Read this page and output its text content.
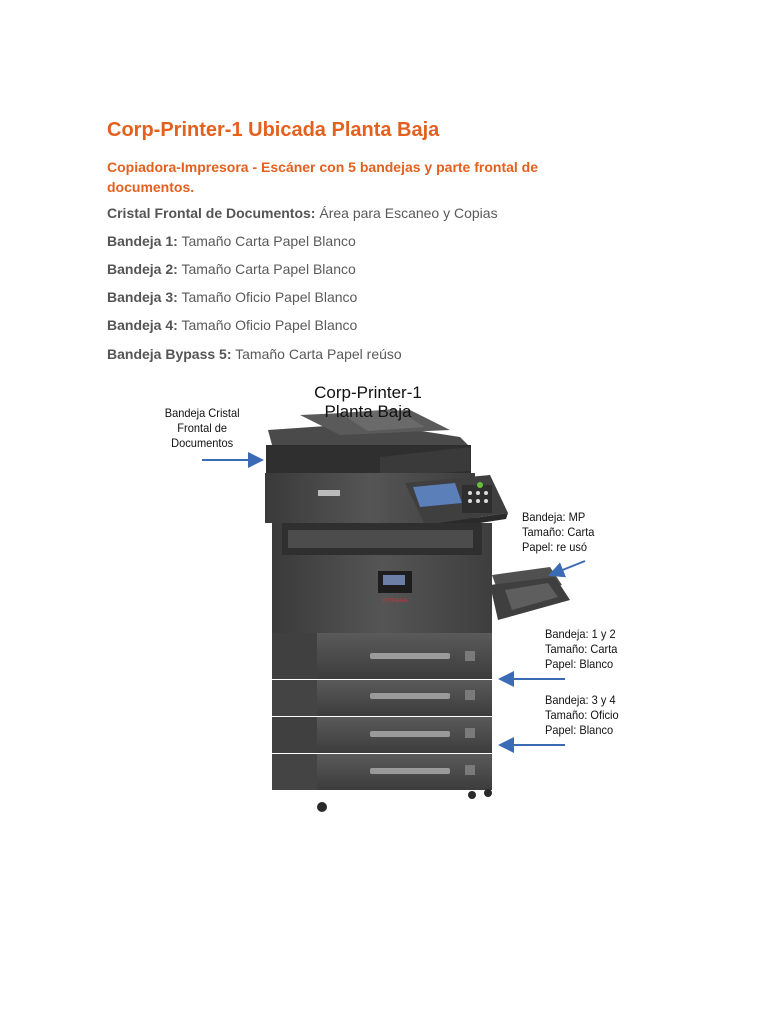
Corp-Printer-1 Ubicada Planta Baja

Copiadora-Impresora - Escáner con 5 bandejas y parte frontal de documentos.

Cristal Frontal de Documentos: Área para Escaneo y Copias

Bandeja 1: Tamaño Carta Papel Blanco

Bandeja 2: Tamaño Carta Papel Blanco

Bandeja 3: Tamaño Oficio Papel Blanco

Bandeja 4: Tamaño Oficio Papel Blanco

Bandeja Bypass 5: Tamaño Carta Papel reúso

KYOCERA
Corp-Printer-1
Planta Baja
Bandeja Cristal
Frontal de
Documentos
Bandeja: MP
Tamaño: Carta
Papel: re usó
Bandeja: 1 y 2
Tamaño: Carta
Papel: Blanco
Bandeja: 3 y 4
Tamaño: Oficio
Papel: Blanco
